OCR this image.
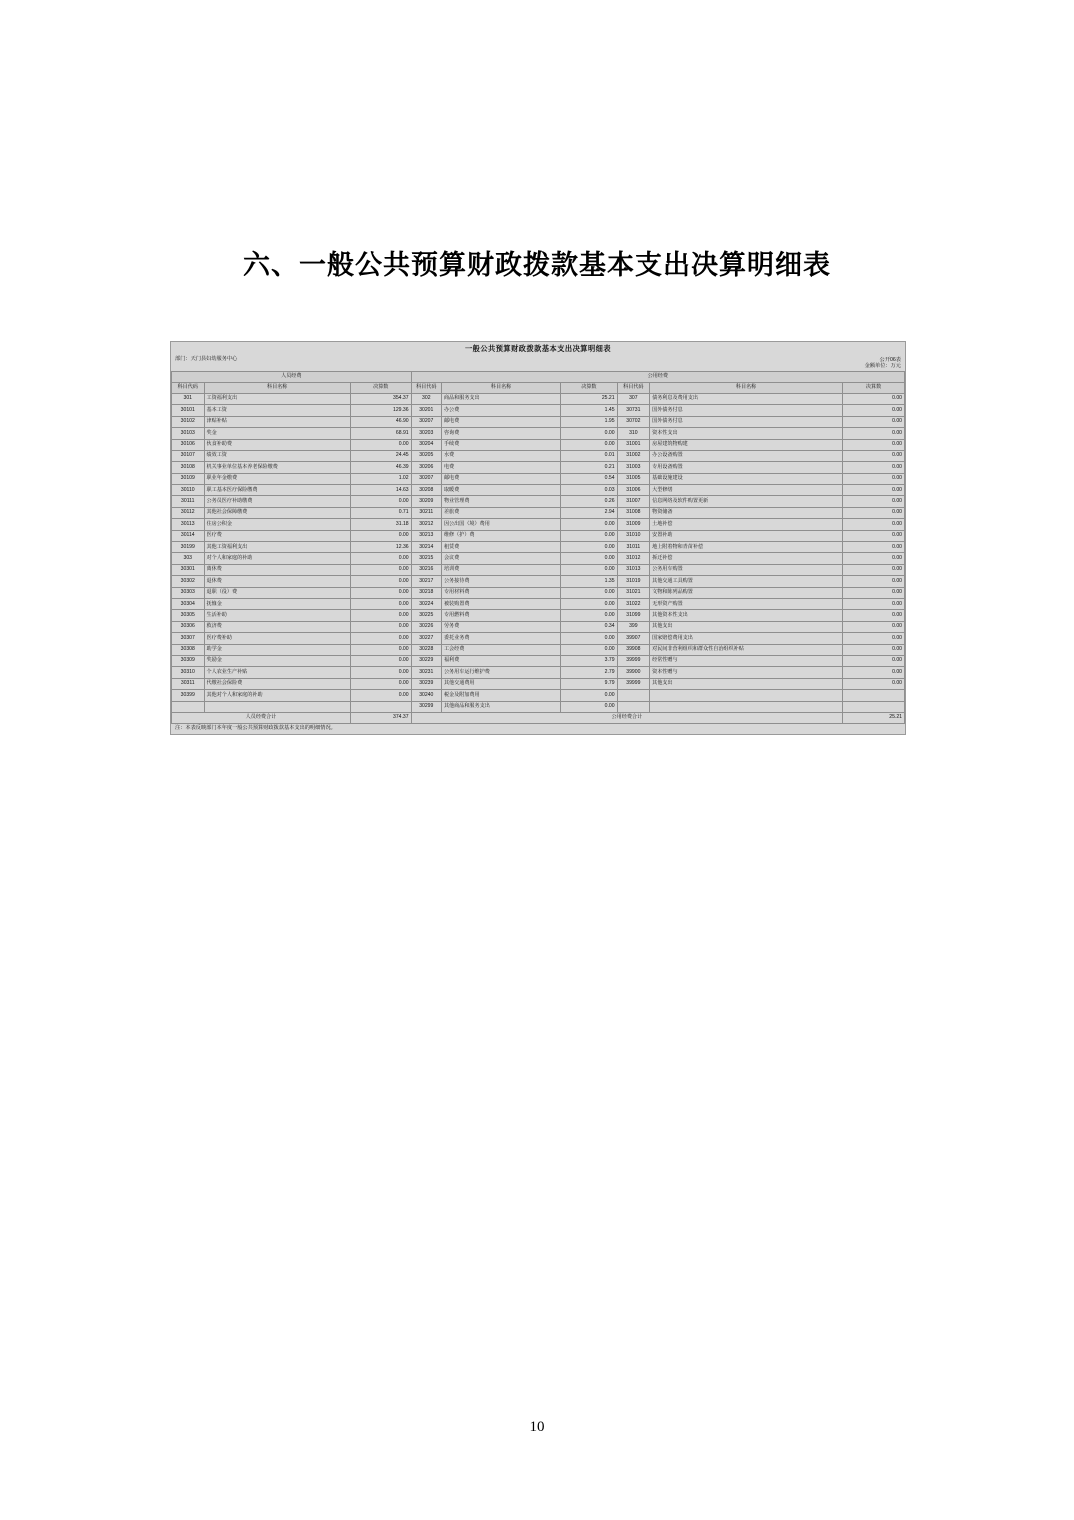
六、一般公共预算财政拨款基本支出决算明细表
一般公共预算财政拨款基本支出决算明细表
部门：天门县妇幼服务中心	公开06表
金额单位：万元
人员经费			公用经费					
科目代码	科目名称	决算数	科目代码	科目名称	决算数	科目代码	科目名称	决算数
301	工资福利支出	354.37	302	商品和服务支出	25.21	307	债务利息及费用支出	0.00
30101	基本工资	129.36	30201	办公费	1.45	30731	国外债务付息	0.00
30102	津贴补贴	46.90	30207	邮电费	1.95	30702	国外债务付息	0.00
30103	奖金	68.91	30203	咨询费	0.00	310	资本性支出	0.00
30106	伙食补助费	0.00	30204	手续费	0.00	31001	房屋建筑物购建	0.00
30107	绩效工资	24.45	30205	水费	0.01	31002	办公设备购置	0.00
30108	机关事业单位基本养老保险缴费	46.39	30206	电费	0.21	31003	专用设备购置	0.00
30109	职业年金缴费	1.02	30207	邮电费	0.54	31005	基础设施建设	0.00
30110	职工基本医疗保险缴费	14.63	30208	取暖费	0.03	31006	大型修缮	0.00
30111	公务员医疗补助缴费	0.00	30209	物业管理费	0.26	31007	信息网络及软件购置更新	0.00
30112	其他社会保障缴费	0.71	30211	差旅费	2.94	31008	物资储备	0.00
30113	住房公积金	31.18	30212	因公出国（境）费用	0.00	31009	土地补偿	0.00
30114	医疗费	0.00	30213	维修（护）费	0.00	31010	安置补助	0.00
30199	其他工资福利支出	12.36	30214	租赁费	0.00	31011	地上附着物和青苗补偿	0.00
303	对个人和家庭的补助	0.00	30215	会议费	0.00	31012	拆迁补偿	0.00
30301	离休费	0.00	30216	培训费	0.00	31013	公务用车购置	0.00
30302	退休费	0.00	30217	公务接待费	1.35	31019	其他交通工具购置	0.00
30303	退职（役）费	0.00	30218	专用材料费	0.00	31021	文物和陈列品购置	0.00
30304	抚恤金	0.00	30224	被装购置费	0.00	31022	无形资产购置	0.00
30305	生活补助	0.00	30225	专用燃料费	0.00	31099	其他资本性支出	0.00
30306	救济费	0.00	30226	劳务费	0.34	399	其他支出	0.00
30307	医疗费补助	0.00	30227	委托业务费	0.00	39907	国家赔偿费用支出	0.00
30308	助学金	0.00	30228	工会经费	0.00	39908	对民间非营利组织和群众性自治组织补贴	0.00
30309	奖励金	0.00	30229	福利费	3.79	39999	经常性赠与	0.00
30310	个人农业生产补贴	0.00	30231	公务用车运行维护费	2.79	39900	资本性赠与	0.00
30311	代缴社会保险费	0.00	30239	其他交通费用	9.79	39999	其他支出	0.00
30399	其他对个人和家庭的补助	0.00	30240	税金及附加费用	0.00			
			30299	其他商品和服务支出	0.00			
人员经费合计		374.37	公用经费合计					25.21
注：本表反映部门本年度一般公共预算财政拨款基本支出的明细情况。
10
